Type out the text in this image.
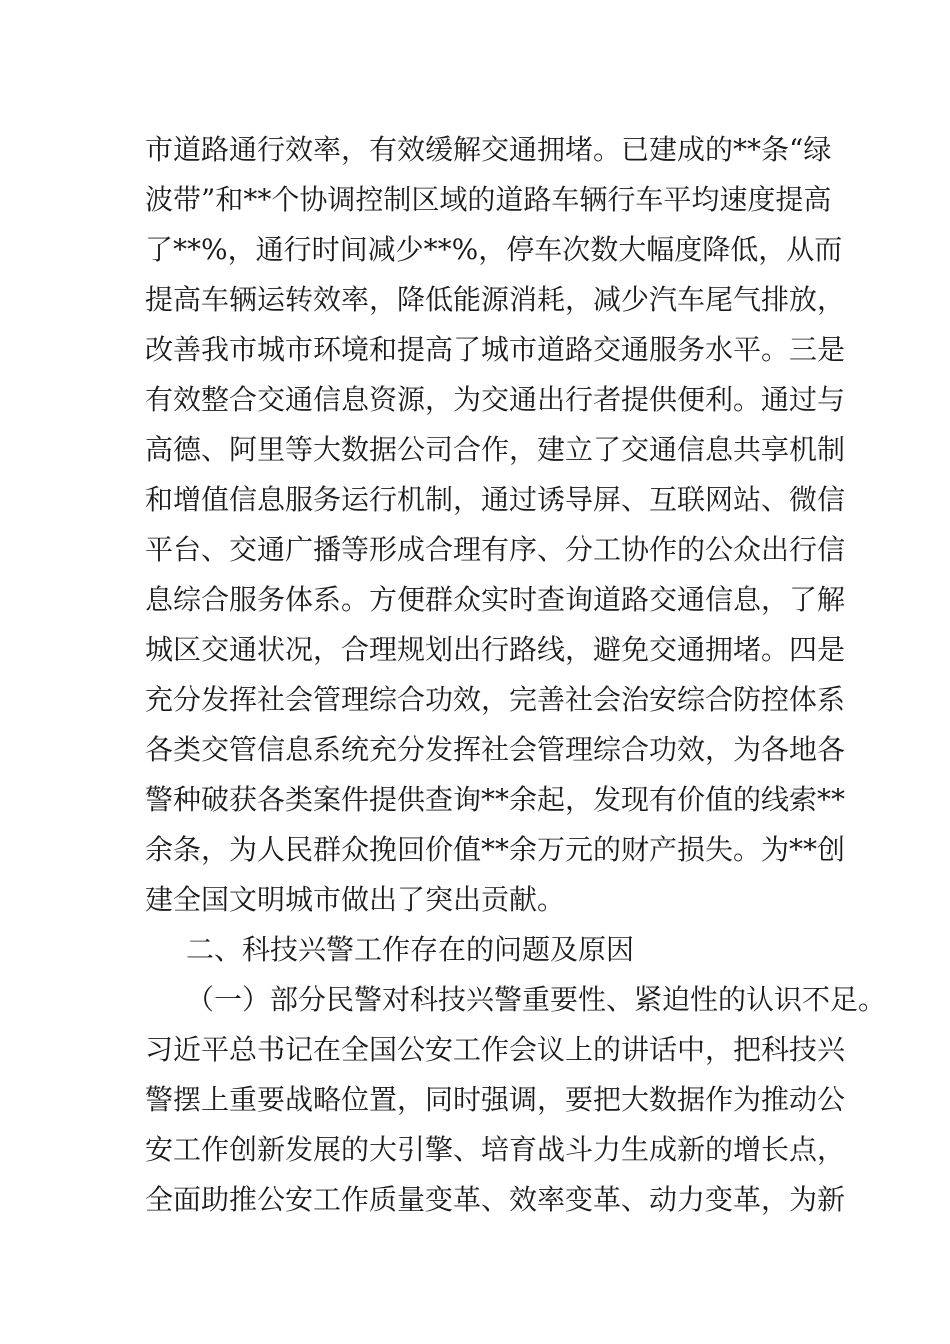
市道路通行效率，有效缓解交通拥堵。已建成的**条“绿
波带”和**个协调控制区域的道路车辆行车平均速度提高
了**%，通行时间减少**%，停车次数大幅度降低，从而
提高车辆运转效率，降低能源消耗，减少汽车尾气排放，
改善我市城市环境和提高了城市道路交通服务水平。三是
有效整合交通信息资源，为交通出行者提供便利。通过与
高德、阿里等大数据公司合作，建立了交通信息共享机制
和增值信息服务运行机制，通过诱导屏、互联网站、微信
平台、交通广播等形成合理有序、分工协作的公众出行信
息综合服务体系。方便群众实时查询道路交通信息，了解
城区交通状况，合理规划出行路线，避免交通拥堵。四是
充分发挥社会管理综合功效，完善社会治安综合防控体系
各类交管信息系统充分发挥社会管理综合功效，为各地各
警种破获各类案件提供查询**余起，发现有价值的线索**
余条，为人民群众挽回价值**余万元的财产损失。为**创
建全国文明城市做出了突出贡献。
二、科技兴警工作存在的问题及原因
（一）部分民警对科技兴警重要性、紧迫性的认识不足。
习近平总书记在全国公安工作会议上的讲话中，把科技兴
警摆上重要战略位置，同时强调，要把大数据作为推动公
安工作创新发展的大引擎、培育战斗力生成新的增长点，
全面助推公安工作质量变革、效率变革、动力变革，为新
